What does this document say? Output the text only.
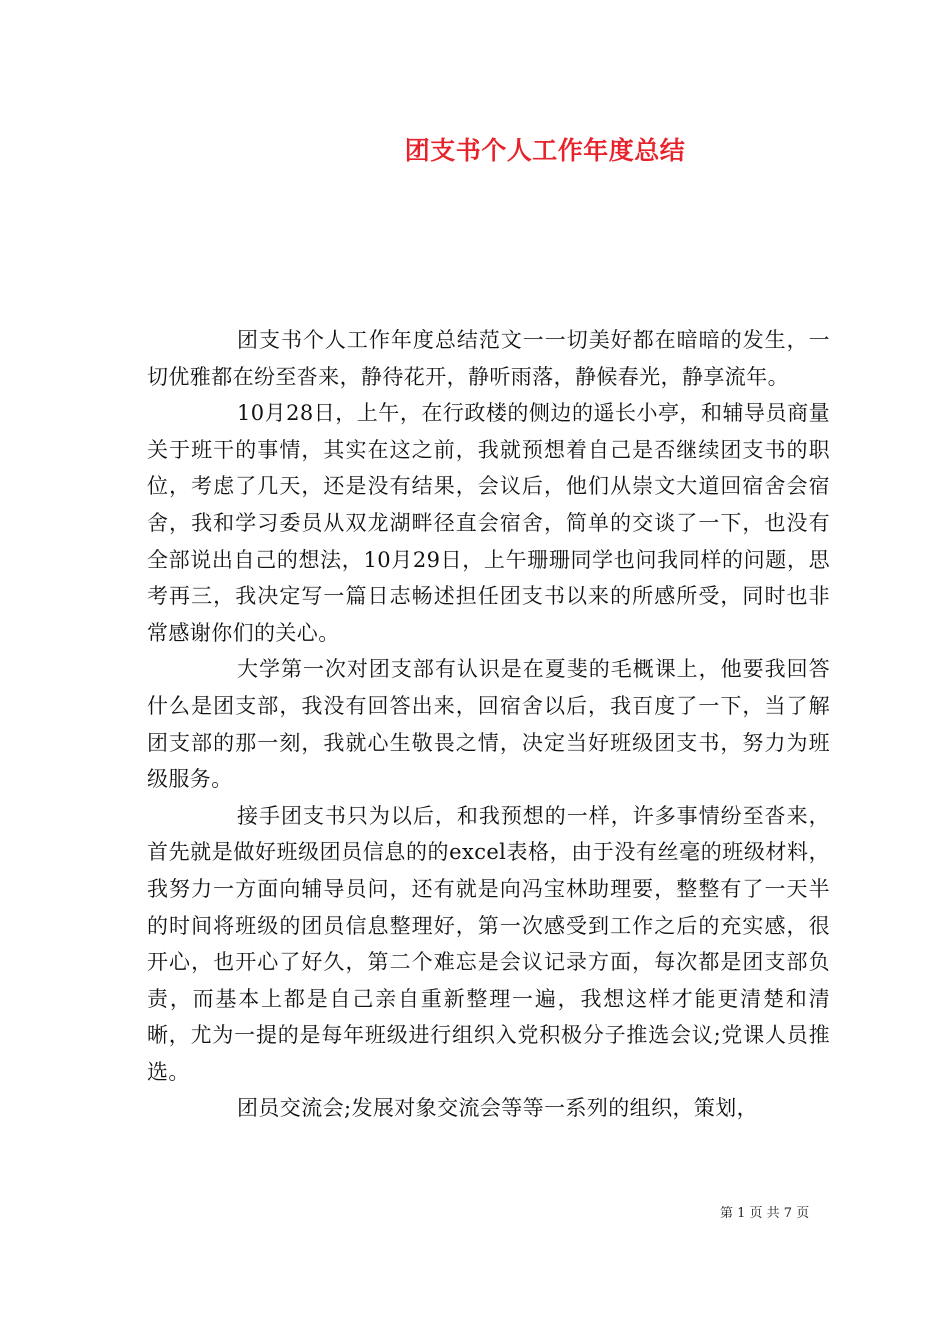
团支书个人工作年度总结

团支书个人工作年度总结范文一一切美好都在暗暗的发生，一切优雅都在纷至沓来，静待花开，静听雨落，静候春光，静享流年。

10月28日，上午，在行政楼的侧边的遥长小亭，和辅导员商量关于班干的事情，其实在这之前，我就预想着自己是否继续团支书的职位，考虑了几天，还是没有结果，会议后，他们从崇文大道回宿舍会宿舍，我和学习委员从双龙湖畔径直会宿舍，简单的交谈了一下，也没有全部说出自己的想法，10月29日，上午珊珊同学也问我同样的问题，思考再三，我决定写一篇日志畅述担任团支书以来的所感所受，同时也非常感谢你们的关心。

大学第一次对团支部有认识是在夏斐的毛概课上，他要我回答什么是团支部，我没有回答出来，回宿舍以后，我百度了一下，当了解团支部的那一刻，我就心生敬畏之情，决定当好班级团支书，努力为班级服务。

接手团支书只为以后，和我预想的一样，许多事情纷至沓来，首先就是做好班级团员信息的的excel表格，由于没有丝毫的班级材料，我努力一方面向辅导员问，还有就是向冯宝林助理要，整整有了一天半的时间将班级的团员信息整理好，第一次感受到工作之后的充实感，很开心，也开心了好久，第二个难忘是会议记录方面，每次都是团支部负责，而基本上都是自己亲自重新整理一遍，我想这样才能更清楚和清晰，尤为一提的是每年班级进行组织入党积极分子推选会议;党课人员推选。

团员交流会;发展对象交流会等等一系列的组织，策划，

第 1 页 共 7 页
